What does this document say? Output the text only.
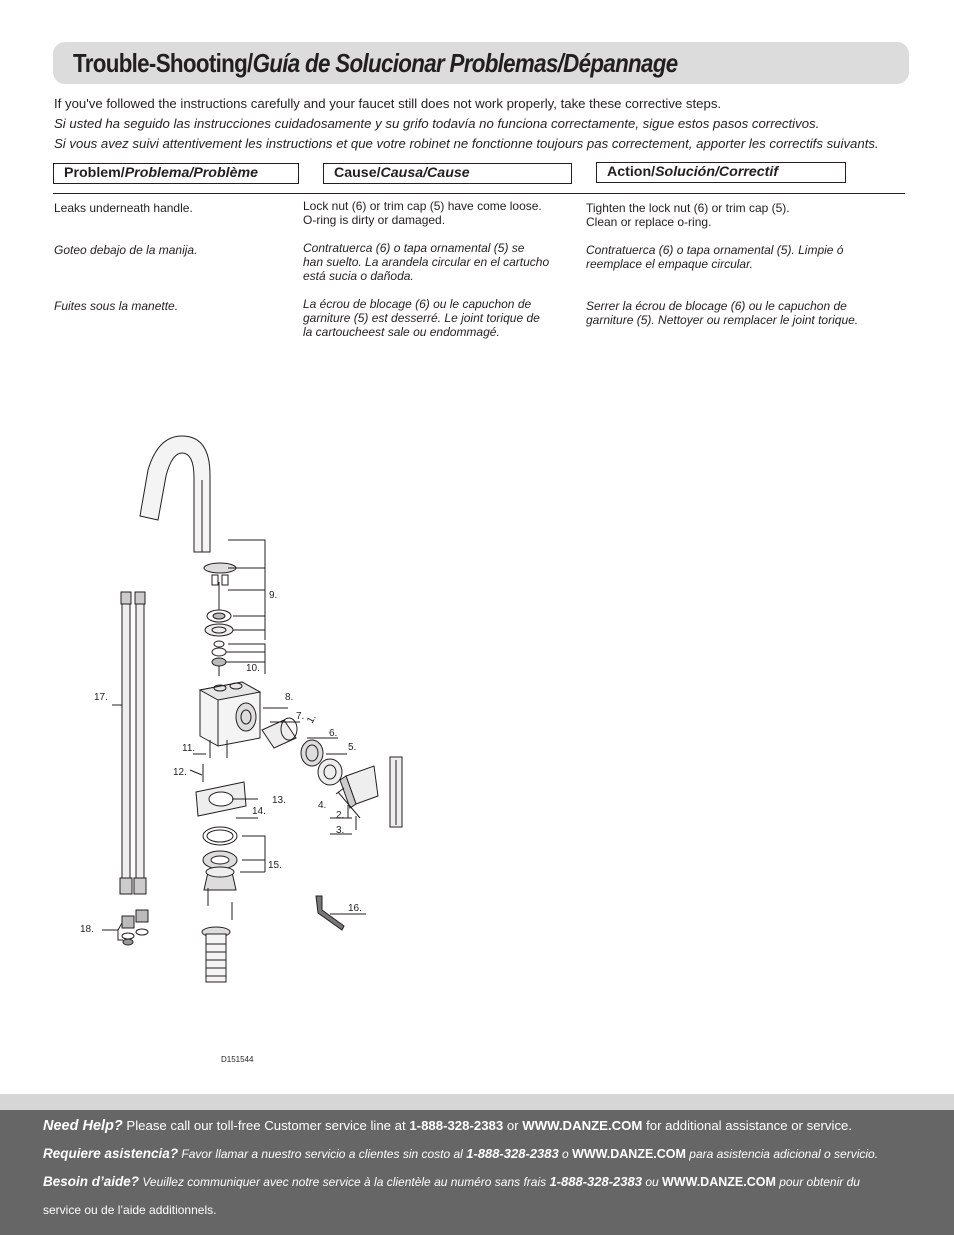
Trouble-Shooting/Guía de Solucionar Problemas/Dépannage
If you've followed the instructions carefully and your faucet still does not work properly, take these corrective steps.
Si usted ha seguido las instrucciones cuidadosamente y su grifo todavía no funciona correctamente, sigue estos pasos correctivos.
Si vous avez suivi attentivement les instructions et que votre robinet ne fonctionne toujours pas correctement, apporter les correctifs suivants.
Problem/Problema/Problème	Cause/Causa/Cause	Action/Solución/Correctif

Leaks underneath handle.

Goteo debajo de la manija.

Fuites sous la manette.

Lock nut (6) or trim cap (5) have come loose.

O-ring is dirty or damaged.

Contratuerca (6) o tapa ornamental (5) se

han suelto. La arandela circular en el cartucho

está sucia o dañoda.

La écrou de blocage (6) ou le capuchon de

garniture (5) est desserré. Le joint torique de

la cartoucheest sale ou endommagé.

Tighten the lock nut (6) or trim cap (5).

Clean or replace o-ring.

Contratuerca (6) o tapa ornamental (5). Limpie ó

reemplace el empaque circular.

Serrer la écrou de blocage (6) ou le capuchon de

garniture (5). Nettoyer ou remplacer le joint torique.

1.
2.
3.
4.
5.
6.
7.
8.
9.
10.
11.
12.
13.
14.
15.
16.
17.
18.
D151544
Need Help? Please call our toll-free Customer service line at 1-888-328-2383 or WWW.DANZE.COM for additional assistance or service.
Requiere asistencia? Favor llamar a nuestro servicio a clientes sin costo al 1-888-328-2383 o WWW.DANZE.COM para asistencia adicional o servicio.
Besoin d’aide? Veuillez communiquer avec notre service à la clientèle au numéro sans frais 1-888-328-2383 ou WWW.DANZE.COM pour obtenir du
service ou de l’aide additionnels.
